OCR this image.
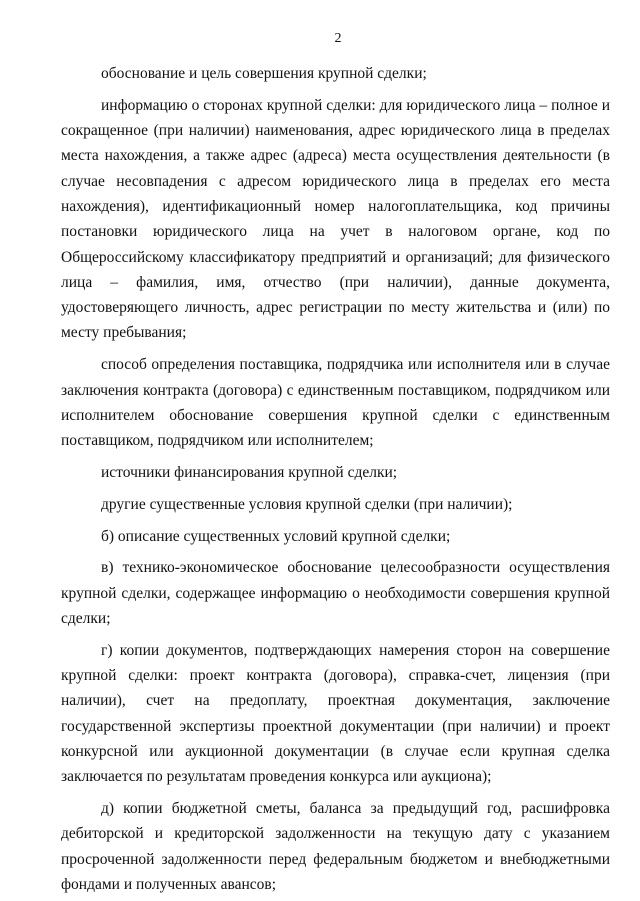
2

обоснование и цель совершения крупной сделки;

информацию о сторонах крупной сделки: для юридического лица – полное и сокращенное (при наличии) наименования, адрес юридического лица в пределах места нахождения, а также адрес (адреса) места осуществления деятельности (в случае несовпадения с адресом юридического лица в пределах его места нахождения), идентификационный номер налогоплательщика, код причины постановки юридического лица на учет в налоговом органе, код по Общероссийскому классификатору предприятий и организаций; для физического лица – фамилия, имя, отчество (при наличии), данные документа, удостоверяющего личность, адрес регистрации по месту жительства и (или) по месту пребывания;

способ определения поставщика, подрядчика или исполнителя или в случае заключения контракта (договора) с единственным поставщиком, подрядчиком или исполнителем обоснование совершения крупной сделки с единственным поставщиком, подрядчиком или исполнителем;

источники финансирования крупной сделки;

другие существенные условия крупной сделки (при наличии);

б) описание существенных условий крупной сделки;

в) технико-экономическое обоснование целесообразности осуществления крупной сделки, содержащее информацию о необходимости совершения крупной сделки;

г) копии документов, подтверждающих намерения сторон на совершение крупной сделки: проект контракта (договора), справка-счет, лицензия (при наличии), счет на предоплату, проектная документация, заключение государственной экспертизы проектной документации (при наличии) и проект конкурсной или аукционной документации (в случае если крупная сделка заключается по результатам проведения конкурса или аукциона);

д) копии бюджетной сметы, баланса за предыдущий год, расшифровка дебиторской и кредиторской задолженности на текущую дату с указанием просроченной задолженности перед федеральным бюджетом и внебюджетными фондами и полученных авансов;
